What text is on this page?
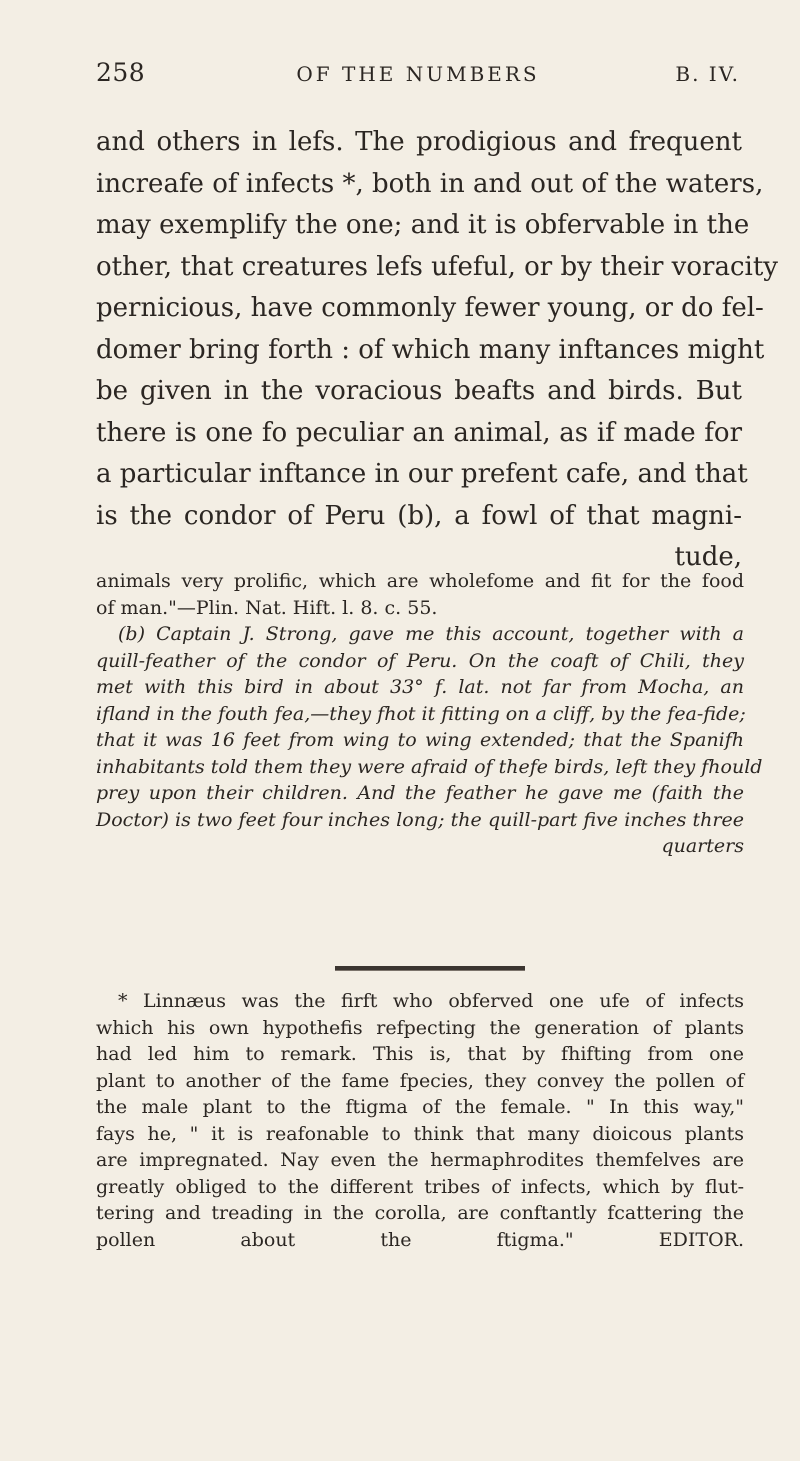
258	OF THE NUMBERS	B. IV.
and others in lefs. The prodigious and frequent
increafe of infects *, both in and out of the waters,
may exemplify the one; and it is obfervable in the
other, that creatures lefs ufeful, or by their voracity
pernicious, have commonly fewer young, or do fel-
domer bring forth : of which many inftances might
be given in the voracious beafts and birds. But
there is one fo peculiar an animal, as if made for
a particular inftance in our prefent cafe, and that
is the condor of Peru (b), a fowl of that magni-
tude,
animals very prolific, which are wholefome and fit for the food
of man."—Plin. Nat. Hift. l. 8. c. 55.
(b) Captain J. Strong, gave me this account, together with a
quill-feather of the condor of Peru. On the coaft of Chili, they
met with this bird in about 33° f. lat. not far from Mocha, an
ifland in the fouth fea,—they fhot it fitting on a cliff, by the fea-fide;
that it was 16 feet from wing to wing extended; that the Spanifh
inhabitants told them they were afraid of thefe birds, left they fhould
prey upon their children. And the feather he gave me (faith the
Doctor) is two feet four inches long; the quill-part five inches three
quarters
* Linnæus was the firft who obferved one ufe of infects
which his own hypothefis refpecting the generation of plants
had led him to remark. This is, that by fhifting from one
plant to another of the fame fpecies, they convey the pollen of
the male plant to the ftigma of the female. " In this way,"
fays he, " it is reafonable to think that many dioicous plants
are impregnated. Nay even the hermaphrodites themfelves are
greatly obliged to the different tribes of infects, which by flut-
tering and treading in the corolla, are conftantly fcattering the
pollen about the ftigma." EDITOR.
